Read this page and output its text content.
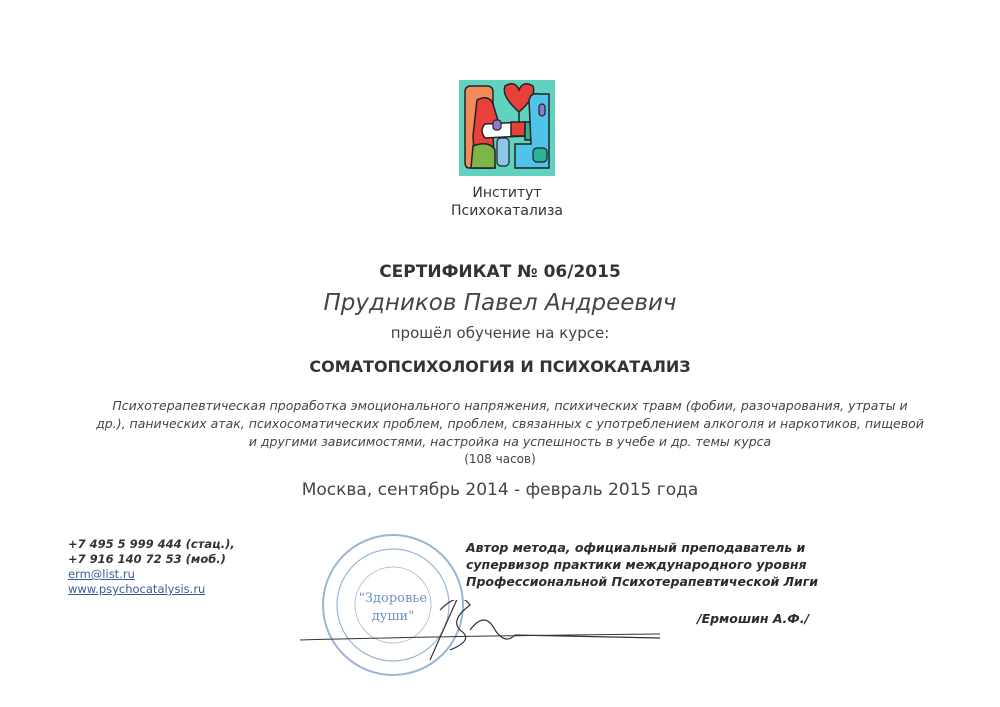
Институт
Психокатализа
СЕРТИФИКАТ № 06/2015
Прудников Павел Андреевич
прошёл обучение на курсе:
СОМАТОПСИХОЛОГИЯ И ПСИХОКАТАЛИЗ
Психотерапевтическая проработка эмоционального напряжения, психических травм (фобии, разочарования, утраты и
др.), панических атак, психосоматических проблем, проблем, связанных с употреблением алкоголя и наркотиков, пищевой
и другими зависимостями, настройка на успешность в учебе и др. темы курса
(108 часов)
Москва, сентябрь 2014 - февраль 2015 года
+7 495 5 999 444 (стац.),
+7 916 140 72 53 (моб.)
erm@list.ru
www.psychocatalysis.ru
"Здоровье
души"
Автор метода, официальный преподаватель и
супервизор практики международного уровня
Профессиональной Психотерапевтической Лиги
/Ермошин А.Ф./
